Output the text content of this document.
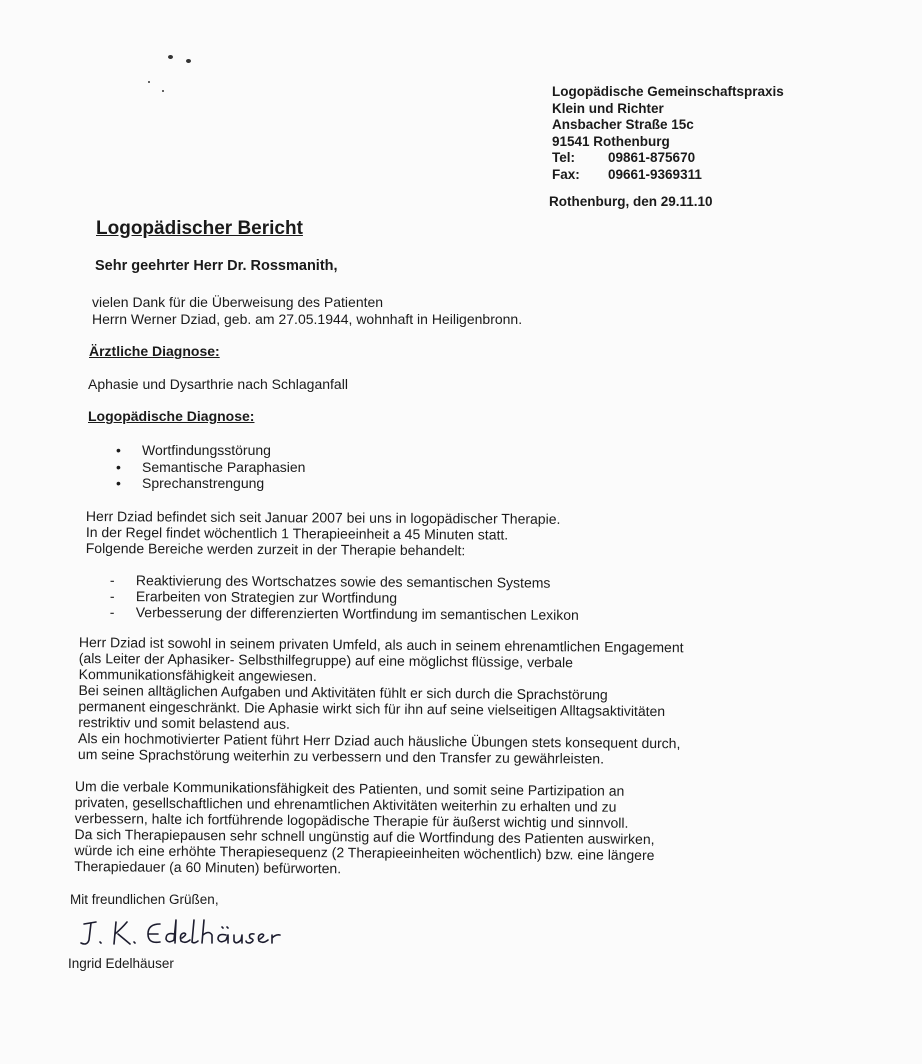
Logopädische Gemeinschaftspraxis
Klein und Richter
Ansbacher Straße 15c
91541 Rothenburg
Tel: 09861-875670
Fax: 09661-9369311
Rothenburg, den 29.11.10
Logopädischer Bericht
Sehr geehrter Herr Dr. Rossmanith,
vielen Dank für die Überweisung des Patienten
Herrn Werner Dziad, geb. am 27.05.1944, wohnhaft in Heiligenbronn.
Ärztliche Diagnose:
Aphasie und Dysarthrie nach Schlaganfall
Logopädische Diagnose:
• Wortfindungsstörung
• Semantische Paraphasien
• Sprechanstrengung
Herr Dziad befindet sich seit Januar 2007 bei uns in logopädischer Therapie.
In der Regel findet wöchentlich 1 Therapieeinheit a 45 Minuten statt.
Folgende Bereiche werden zurzeit in der Therapie behandelt:
- Reaktivierung des Wortschatzes sowie des semantischen Systems
- Erarbeiten von Strategien zur Wortfindung
- Verbesserung der differenzierten Wortfindung im semantischen Lexikon
Herr Dziad ist sowohl in seinem privaten Umfeld, als auch in seinem ehrenamtlichen Engagement
(als Leiter der Aphasiker- Selbsthilfegruppe) auf eine möglichst flüssige, verbale
Kommunikationsfähigkeit angewiesen.
Bei seinen alltäglichen Aufgaben und Aktivitäten fühlt er sich durch die Sprachstörung
permanent eingeschränkt. Die Aphasie wirkt sich für ihn auf seine vielseitigen Alltagsaktivitäten
restriktiv und somit belastend aus.
Als ein hochmotivierter Patient führt Herr Dziad auch häusliche Übungen stets konsequent durch,
um seine Sprachstörung weiterhin zu verbessern und den Transfer zu gewährleisten.
Um die verbale Kommunikationsfähigkeit des Patienten, und somit seine Partizipation an
privaten, gesellschaftlichen und ehrenamtlichen Aktivitäten weiterhin zu erhalten und zu
verbessern, halte ich fortführende logopädische Therapie für äußerst wichtig und sinnvoll.
Da sich Therapiepausen sehr schnell ungünstig auf die Wortfindung des Patienten auswirken,
würde ich eine erhöhte Therapiesequenz (2 Therapieeinheiten wöchentlich) bzw. eine längere
Therapiedauer (a 60 Minuten) befürworten.
Mit freundlichen Grüßen,
Ingrid Edelhäuser
